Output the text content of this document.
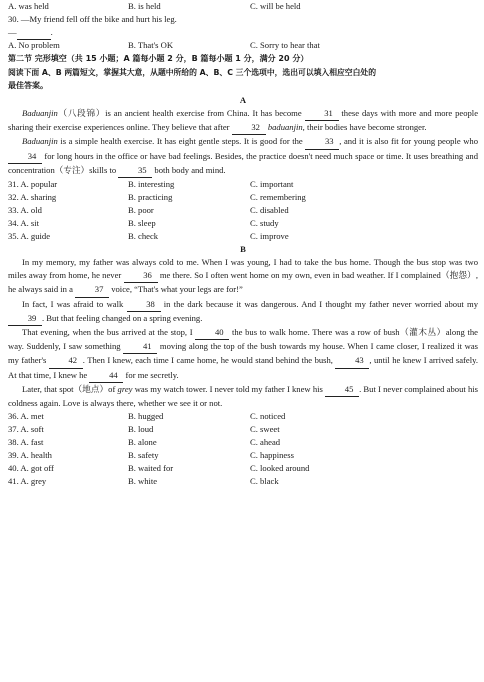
A. was held	B. is held	C. will be held
30. —My friend fell off the bike and hurt his leg.
—	.
A. No problem	B. That's OK	C. Sorry to hear that
第二节 完形填空（共 15 小题；A 篇每小题 2 分，B 篇每小题 1 分，满分 20 分）
阅读下面 A、B 两篇短文，掌握其大意，从题中所给的 A、B、C 三个选项中，选出可以填入相应空白处的
最佳答案。
A

Baduanjin（八段锦）is an ancient health exercise from China. It has become 31 these days with more and more people sharing their exercise experiences online. They believe that after 32 baduanjin, their bodies have become stronger.

Baduanjin is a simple health exercise. It has eight gentle steps. It is good for the 33 , and it is also fit for young people who 34 for long hours in the office or have bad feelings. Besides, the practice doesn't need much space or time. It uses breathing and concentration（专注）skills to 35 both body and mind.

31. A. popular	B. interesting	C. important
32. A. sharing	B. practicing	C. remembering
33. A. old	B. poor	C. disabled
34. A. sit	B. sleep	C. study
35. A. guide	B. check	C. improve
B

In my memory, my father was always cold to me. When I was young, I had to take the bus home. Though the bus stop was two miles away from home, he never 36 me there. So I often went home on my own, even in bad weather. If I complained（抱怨）, he always said in a 37 voice, “That's what your legs are for!”

In fact, I was afraid to walk 38 in the dark because it was dangerous. And I thought my father never worried about my 39 . But that feeling changed on a spring evening.

That evening, when the bus arrived at the stop, I 40 the bus to walk home. There was a row of bush（灌木丛）along the way. Suddenly, I saw something 41 moving along the top of the bush towards my house. When I came closer, I realized it was my father's 42 . Then I knew, each time I came home, he would stand behind the bush, 43 , until he knew I arrived safely. At that time, I knew he 44 for me secretly.

Later, that spot（地点）of grey was my watch tower. I never told my father I knew his 45 . But I never complained about his coldness again. Love is always there, whether we see it or not.

36. A. met	B. hugged	C. noticed
37. A. soft	B. loud	C. sweet
38. A. fast	B. alone	C. ahead
39. A. health	B. safety	C. happiness
40. A. got off	B. waited for	C. looked around
41. A. grey	B. white	C. black
